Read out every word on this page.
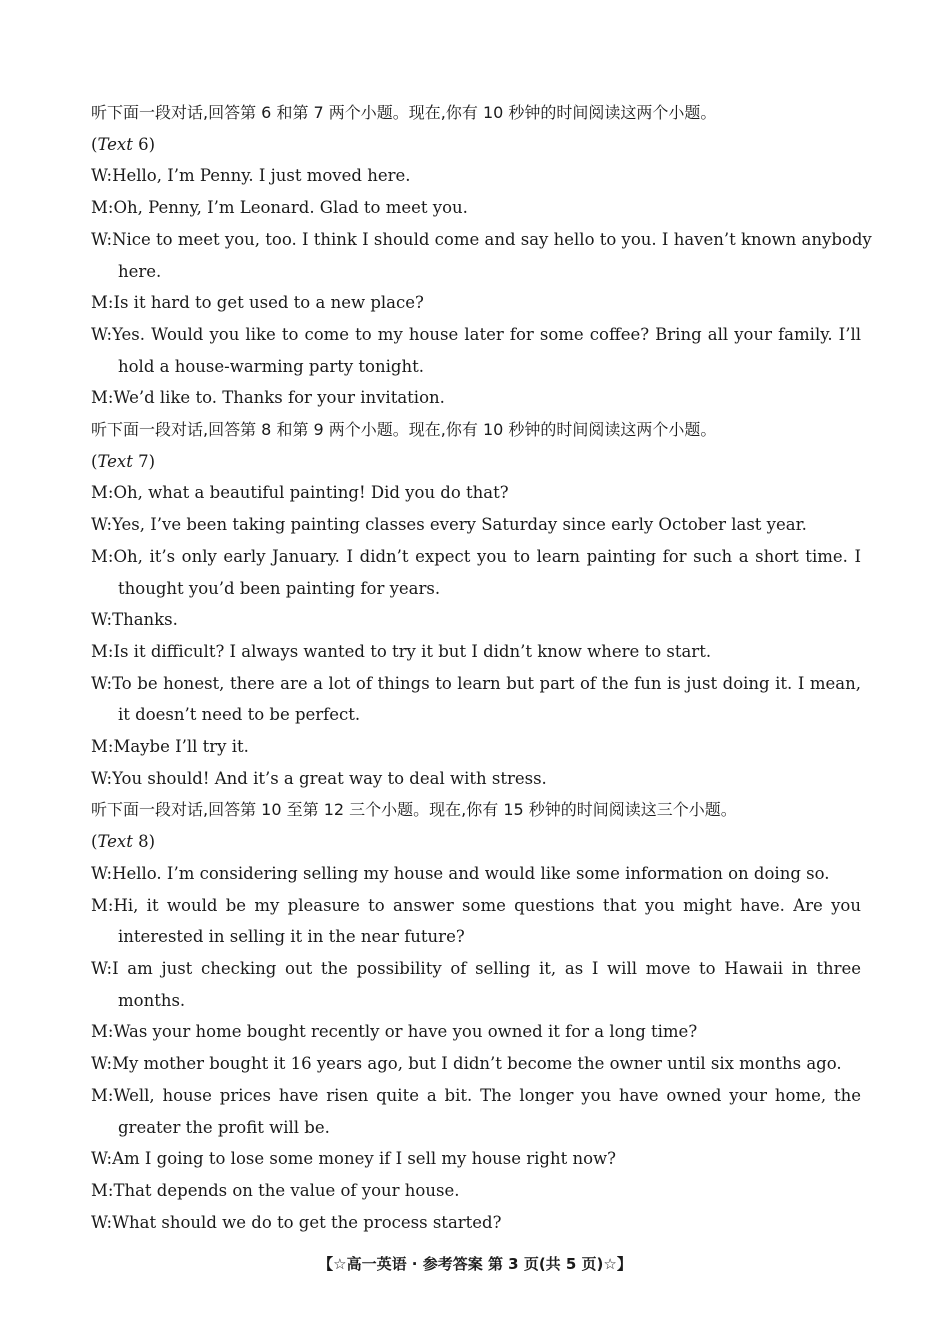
听下面一段对话,回答第 6 和第 7 两个小题。现在,你有 10 秒钟的时间阅读这两个小题。
(Text 6)
W:Hello, I’m Penny. I just moved here.
M:Oh, Penny, I’m Leonard. Glad to meet you.
W:Nice to meet you, too. I think I should come and say hello to you. I haven’t known anybody
here.
M:Is it hard to get used to a new place?
W:Yes. Would you like to come to my house later for some coffee? Bring all your family. I’ll
hold a house-warming party tonight.
M:We’d like to. Thanks for your invitation.
听下面一段对话,回答第 8 和第 9 两个小题。现在,你有 10 秒钟的时间阅读这两个小题。
(Text 7)
M:Oh, what a beautiful painting! Did you do that?
W:Yes, I’ve been taking painting classes every Saturday since early October last year.
M:Oh, it’s only early January. I didn’t expect you to learn painting for such a short time. I
thought you’d been painting for years.
W:Thanks.
M:Is it difficult? I always wanted to try it but I didn’t know where to start.
W:To be honest, there are a lot of things to learn but part of the fun is just doing it. I mean,
it doesn’t need to be perfect.
M:Maybe I’ll try it.
W:You should! And it’s a great way to deal with stress.
听下面一段对话,回答第 10 至第 12 三个小题。现在,你有 15 秒钟的时间阅读这三个小题。
(Text 8)
W:Hello. I’m considering selling my house and would like some information on doing so.
M:Hi, it would be my pleasure to answer some questions that you might have. Are you
interested in selling it in the near future?
W:I am just checking out the possibility of selling it, as I will move to Hawaii in three
months.
M:Was your home bought recently or have you owned it for a long time?
W:My mother bought it 16 years ago, but I didn’t become the owner until six months ago.
M:Well, house prices have risen quite a bit. The longer you have owned your home, the
greater the profit will be.
W:Am I going to lose some money if I sell my house right now?
M:That depends on the value of your house.
W:What should we do to get the process started?
【☆高一英语 · 参考答案 第 3 页(共 5 页)☆】
